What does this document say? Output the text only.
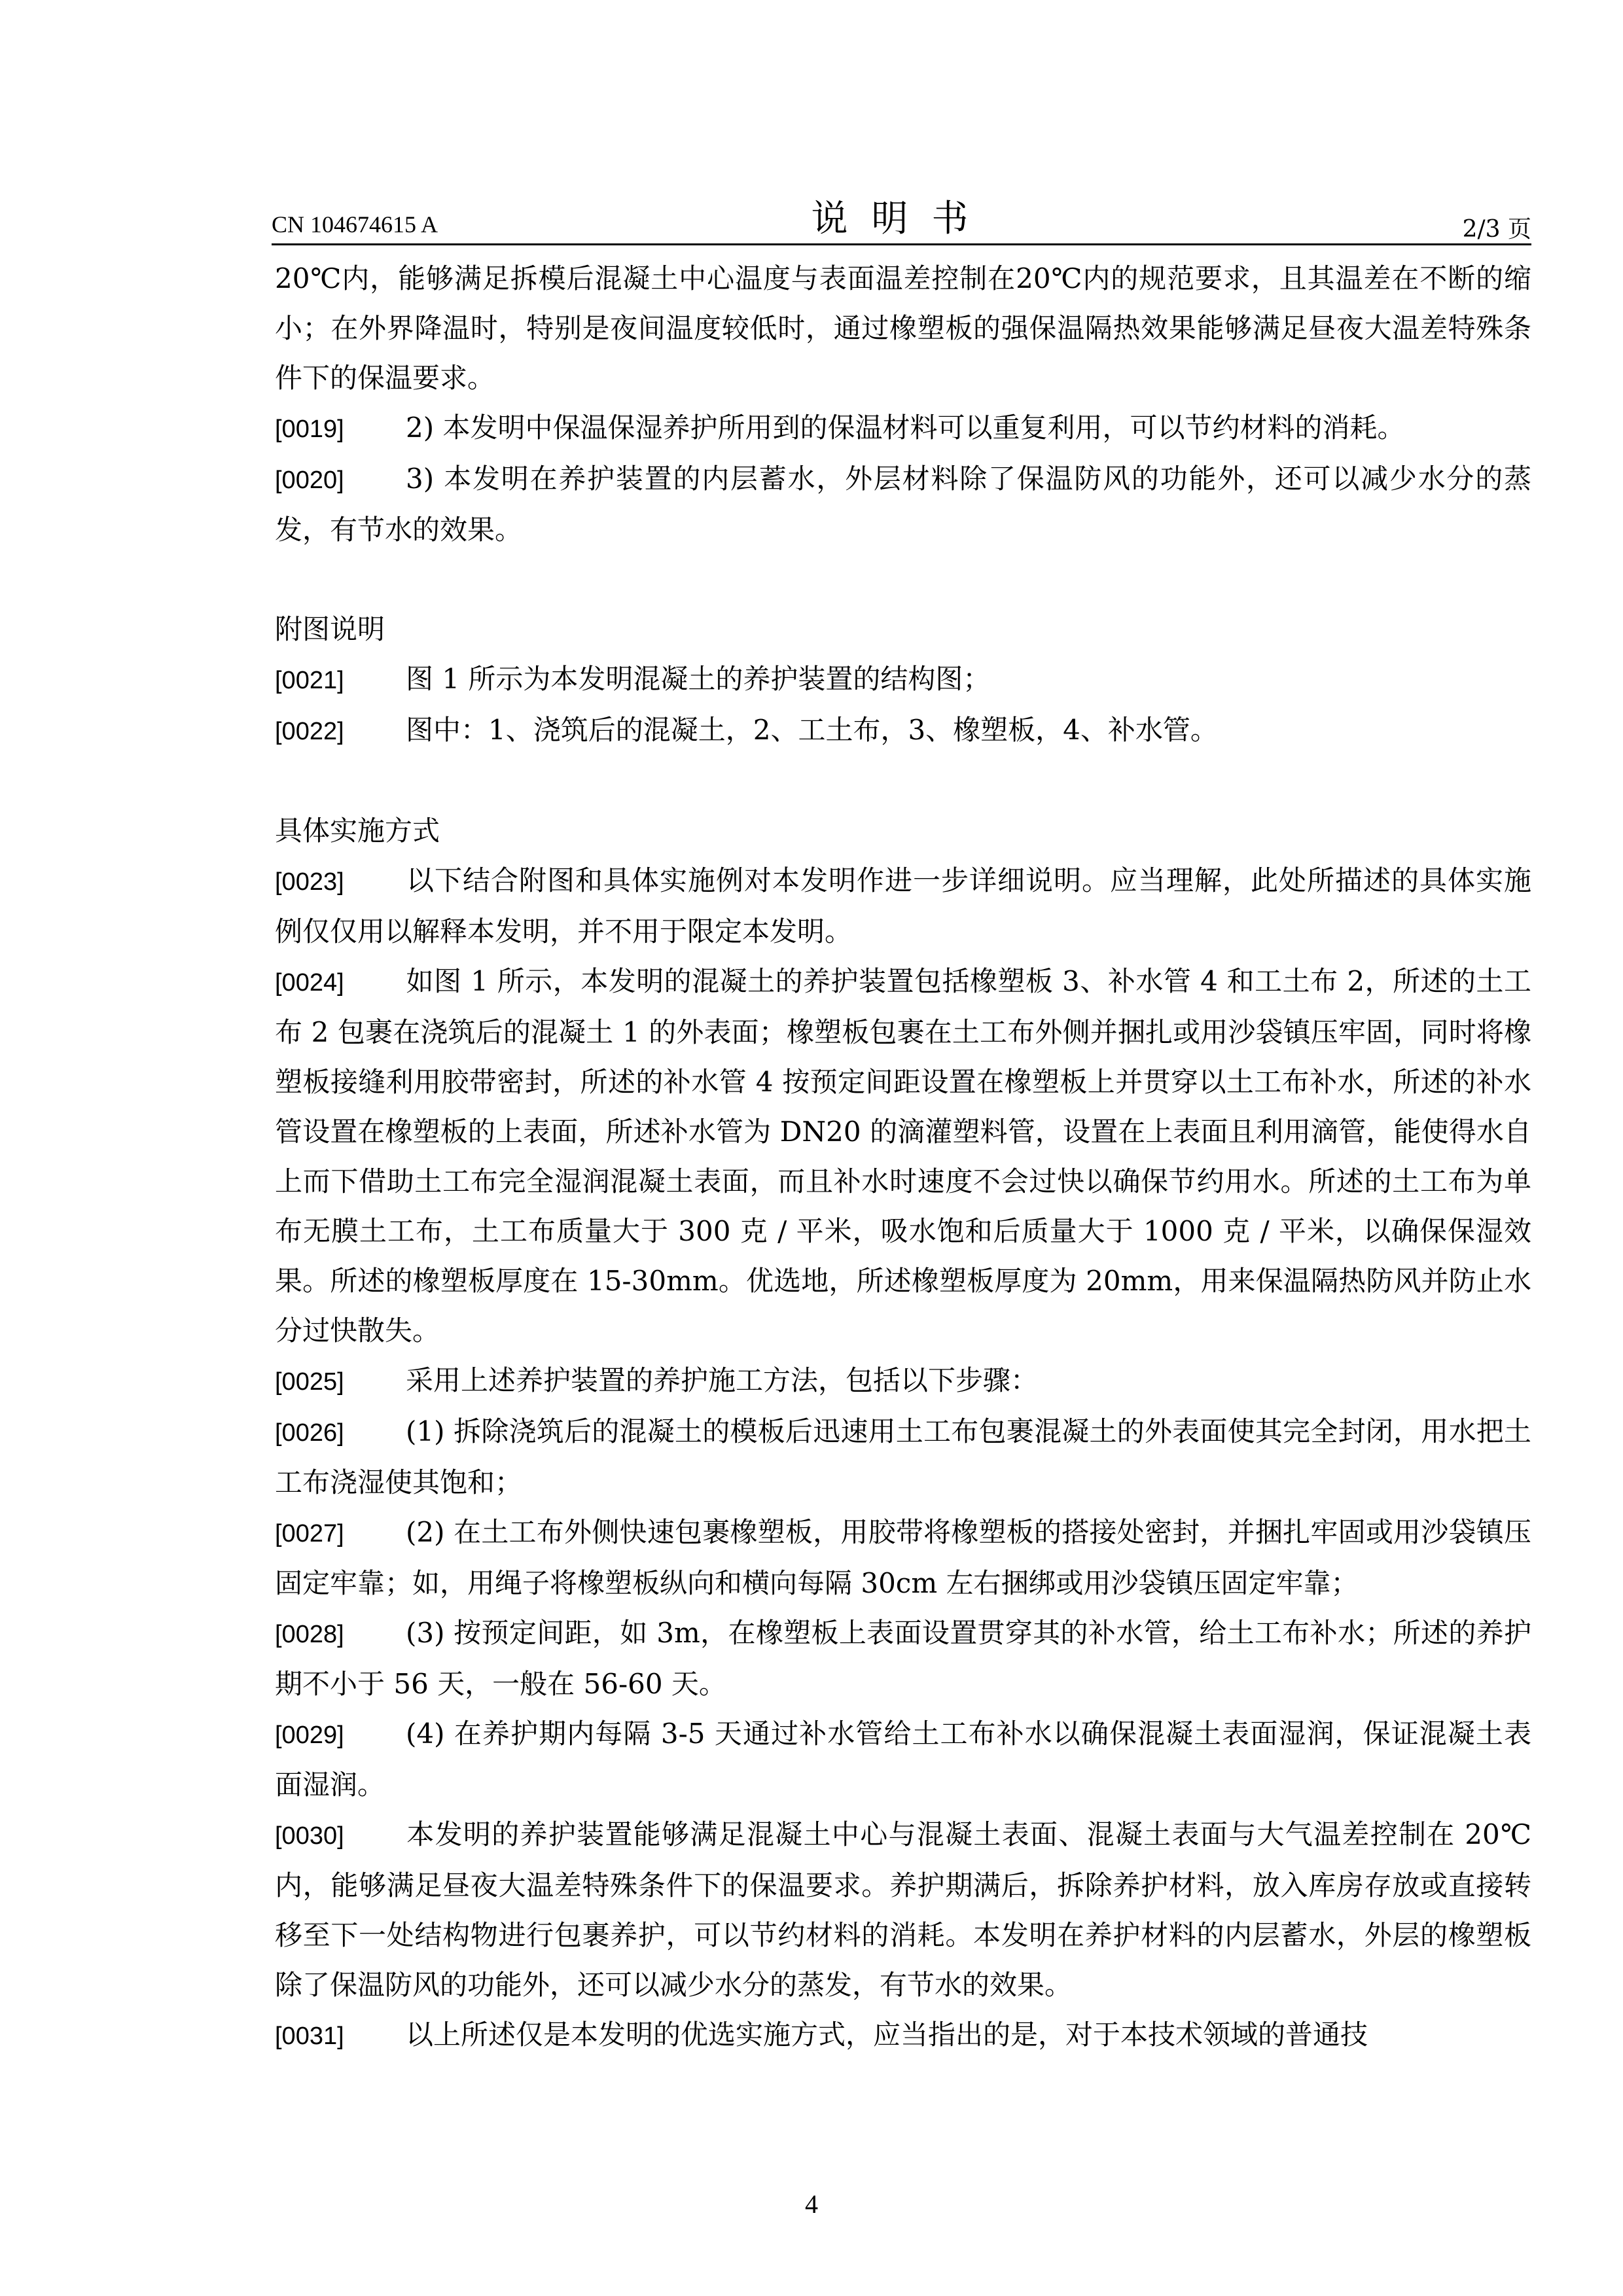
CN 104674615 A	说明书	2/3 页

20℃内，能够满足拆模后混凝土中心温度与表面温差控制在20℃内的规范要求，且其温差在不断的缩小；在外界降温时，特别是夜间温度较低时，通过橡塑板的强保温隔热效果能够满足昼夜大温差特殊条件下的保温要求。

[0019] 2) 本发明中保温保湿养护所用到的保温材料可以重复利用，可以节约材料的消耗。

[0020] 3) 本发明在养护装置的内层蓄水，外层材料除了保温防风的功能外，还可以减少水分的蒸发，有节水的效果。

附图说明

[0021] 图 1 所示为本发明混凝土的养护装置的结构图；

[0022] 图中：1、浇筑后的混凝土，2、工土布，3、橡塑板，4、补水管。

具体实施方式

[0023] 以下结合附图和具体实施例对本发明作进一步详细说明。应当理解，此处所描述的具体实施例仅仅用以解释本发明，并不用于限定本发明。

[0024] 如图 1 所示，本发明的混凝土的养护装置包括橡塑板 3、补水管 4 和工土布 2，所述的土工布 2 包裹在浇筑后的混凝土 1 的外表面；橡塑板包裹在土工布外侧并捆扎或用沙袋镇压牢固，同时将橡塑板接缝利用胶带密封，所述的补水管 4 按预定间距设置在橡塑板上并贯穿以土工布补水，所述的补水管设置在橡塑板的上表面，所述补水管为 DN20 的滴灌塑料管，设置在上表面且利用滴管，能使得水自上而下借助土工布完全湿润混凝土表面，而且补水时速度不会过快以确保节约用水。所述的土工布为单布无膜土工布，土工布质量大于 300 克 / 平米，吸水饱和后质量大于 1000 克 / 平米，以确保保湿效果。所述的橡塑板厚度在 15-30mm。优选地，所述橡塑板厚度为 20mm，用来保温隔热防风并防止水分过快散失。

[0025] 采用上述养护装置的养护施工方法，包括以下步骤：

[0026] (1) 拆除浇筑后的混凝土的模板后迅速用土工布包裹混凝土的外表面使其完全封闭，用水把土工布浇湿使其饱和；

[0027] (2) 在土工布外侧快速包裹橡塑板，用胶带将橡塑板的搭接处密封，并捆扎牢固或用沙袋镇压固定牢靠；如，用绳子将橡塑板纵向和横向每隔 30cm 左右捆绑或用沙袋镇压固定牢靠；

[0028] (3) 按预定间距，如 3m，在橡塑板上表面设置贯穿其的补水管，给土工布补水；所述的养护期不小于 56 天，一般在 56-60 天。

[0029] (4) 在养护期内每隔 3-5 天通过补水管给土工布补水以确保混凝土表面湿润，保证混凝土表面湿润。

[0030] 本发明的养护装置能够满足混凝土中心与混凝土表面、混凝土表面与大气温差控制在 20℃内，能够满足昼夜大温差特殊条件下的保温要求。养护期满后，拆除养护材料，放入库房存放或直接转移至下一处结构物进行包裹养护，可以节约材料的消耗。本发明在养护材料的内层蓄水，外层的橡塑板除了保温防风的功能外，还可以减少水分的蒸发，有节水的效果。

[0031] 以上所述仅是本发明的优选实施方式，应当指出的是，对于本技术领域的普通技

4
